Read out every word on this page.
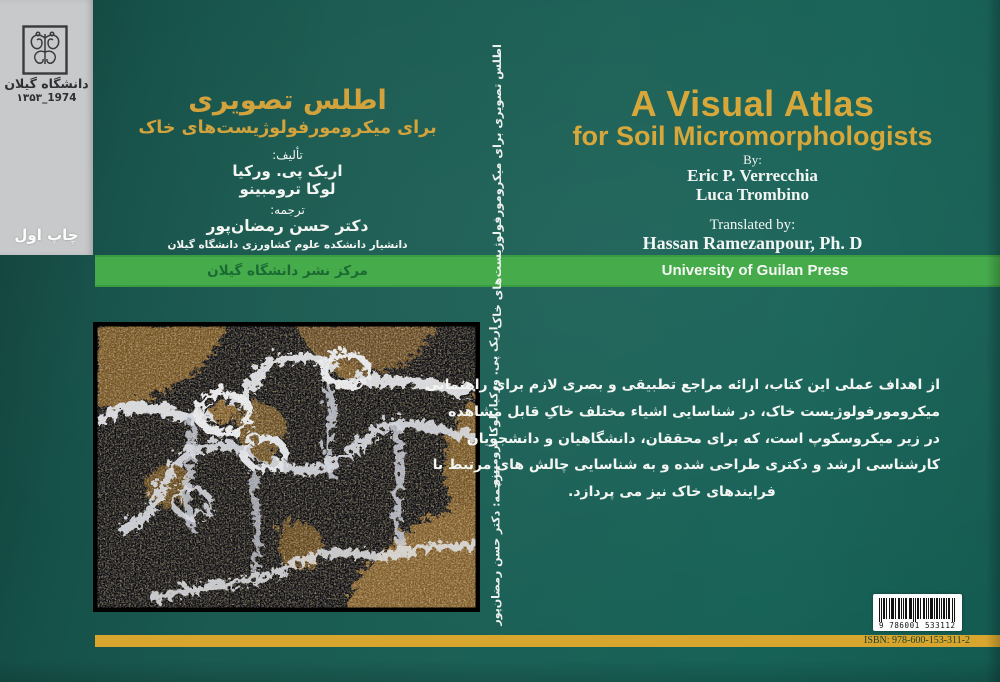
دانشگاه گیلان
۱۳۵۳_1974
چاپ اول
اطلس تصویری
برای میکرومورفولوژیست‌های خاک
تألیف:
اریک پی. ورکیا
لوکا ترومبینو
ترجمه:
دکتر حسن رمضان‌پور
دانشیار دانشکده علوم کشاورزی دانشگاه گیلان
مرکز نشر دانشگاه گیلان	University of Guilan Press
اطلس تصویری برای میکرومورفولوژیست‌های خاک
اریک پی. ورکیا، لوکا ترومبینو
ترجمه: دکتر حسن رمضان‌پور
A Visual Atlas
for Soil Micromorphologists
By:
Eric P. Verrecchia
Luca Trombino
Translated by:
Hassan Ramezanpour, Ph. D
از اهداف عملی این کتاب، ارائه مراجع تطبیقی و بصری لازم برای راهنمایی
میکرومورفولوژیست خاک، در شناسایی اشیاء مختلف خاکِ قابل مشاهده
در زیر میکروسکوپ است، که برای محققان، دانشگاهیان و دانشجویان
کارشناسی ارشد و دکتری طراحی شده و به شناسایی چالش های مرتبط با
فرایندهای خاک نیز می پردازد.
9 786001 533112
ISBN: 978-600-153-311-2
